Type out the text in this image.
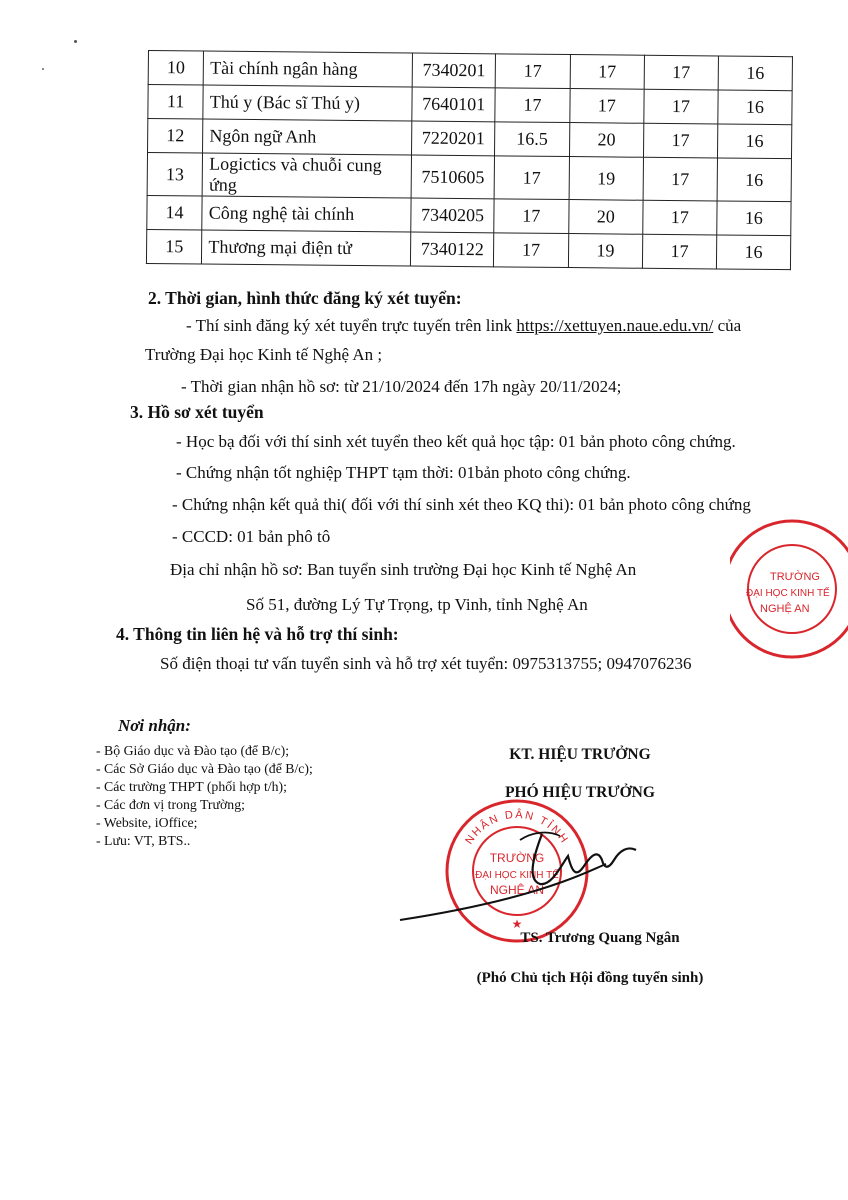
10	Tài chính ngân hàng	7340201	17	17	17	16
11	Thú y (Bác sĩ Thú y)	7640101	17	17	17	16
12	Ngôn ngữ Anh	7220201	16.5	20	17	16
13	Logictics và chuỗi cung ứng	7510605	17	19	17	16
14	Công nghệ tài chính	7340205	17	20	17	16
15	Thương mại điện tử	7340122	17	19	17	16
2. Thời gian, hình thức đăng ký xét tuyển:
- Thí sinh đăng ký xét tuyển trực tuyến trên link https://xettuyen.naue.edu.vn/ của
Trường Đại học Kinh tế Nghệ An ;
- Thời gian nhận hồ sơ: từ 21/10/2024 đến 17h ngày 20/11/2024;
3. Hồ sơ xét tuyển
- Học bạ đối với thí sinh xét tuyển theo kết quả học tập: 01 bản photo công chứng.
- Chứng nhận tốt nghiệp THPT tạm thời: 01bản photo công chứng.
- Chứng nhận kết quả thi( đối với thí sinh xét theo KQ thi): 01 bản photo công chứng
- CCCD: 01 bản phô tô
Địa chỉ nhận hồ sơ: Ban tuyển sinh trường Đại học Kinh tế Nghệ An
Số 51, đường Lý Tự Trọng, tp Vinh, tỉnh Nghệ An
4. Thông tin liên hệ và hỗ trợ thí sinh:
Số điện thoại tư vấn tuyển sinh và hỗ trợ xét tuyển: 0975313755; 0947076236
Nơi nhận:
- Bộ Giáo dục và Đào tạo (để B/c);
- Các Sở Giáo dục và Đào tạo (để B/c);
- Các trường THPT (phối hợp t/h);
- Các đơn vị trong Trường;
- Website, iOffice;
- Lưu: VT, BTS..
KT. HIỆU TRƯỞNG
PHÓ HIỆU TRƯỞNG
NHÂN DÂN TỈNH
TRƯỜNG
ĐẠI HỌC KINH TẾ
NGHỆ AN
★
TS. Trương Quang Ngân
(Phó Chủ tịch Hội đồng tuyển sinh)
TRƯỜNG
ĐẠI HỌC KINH TẾ
NGHỆ AN
